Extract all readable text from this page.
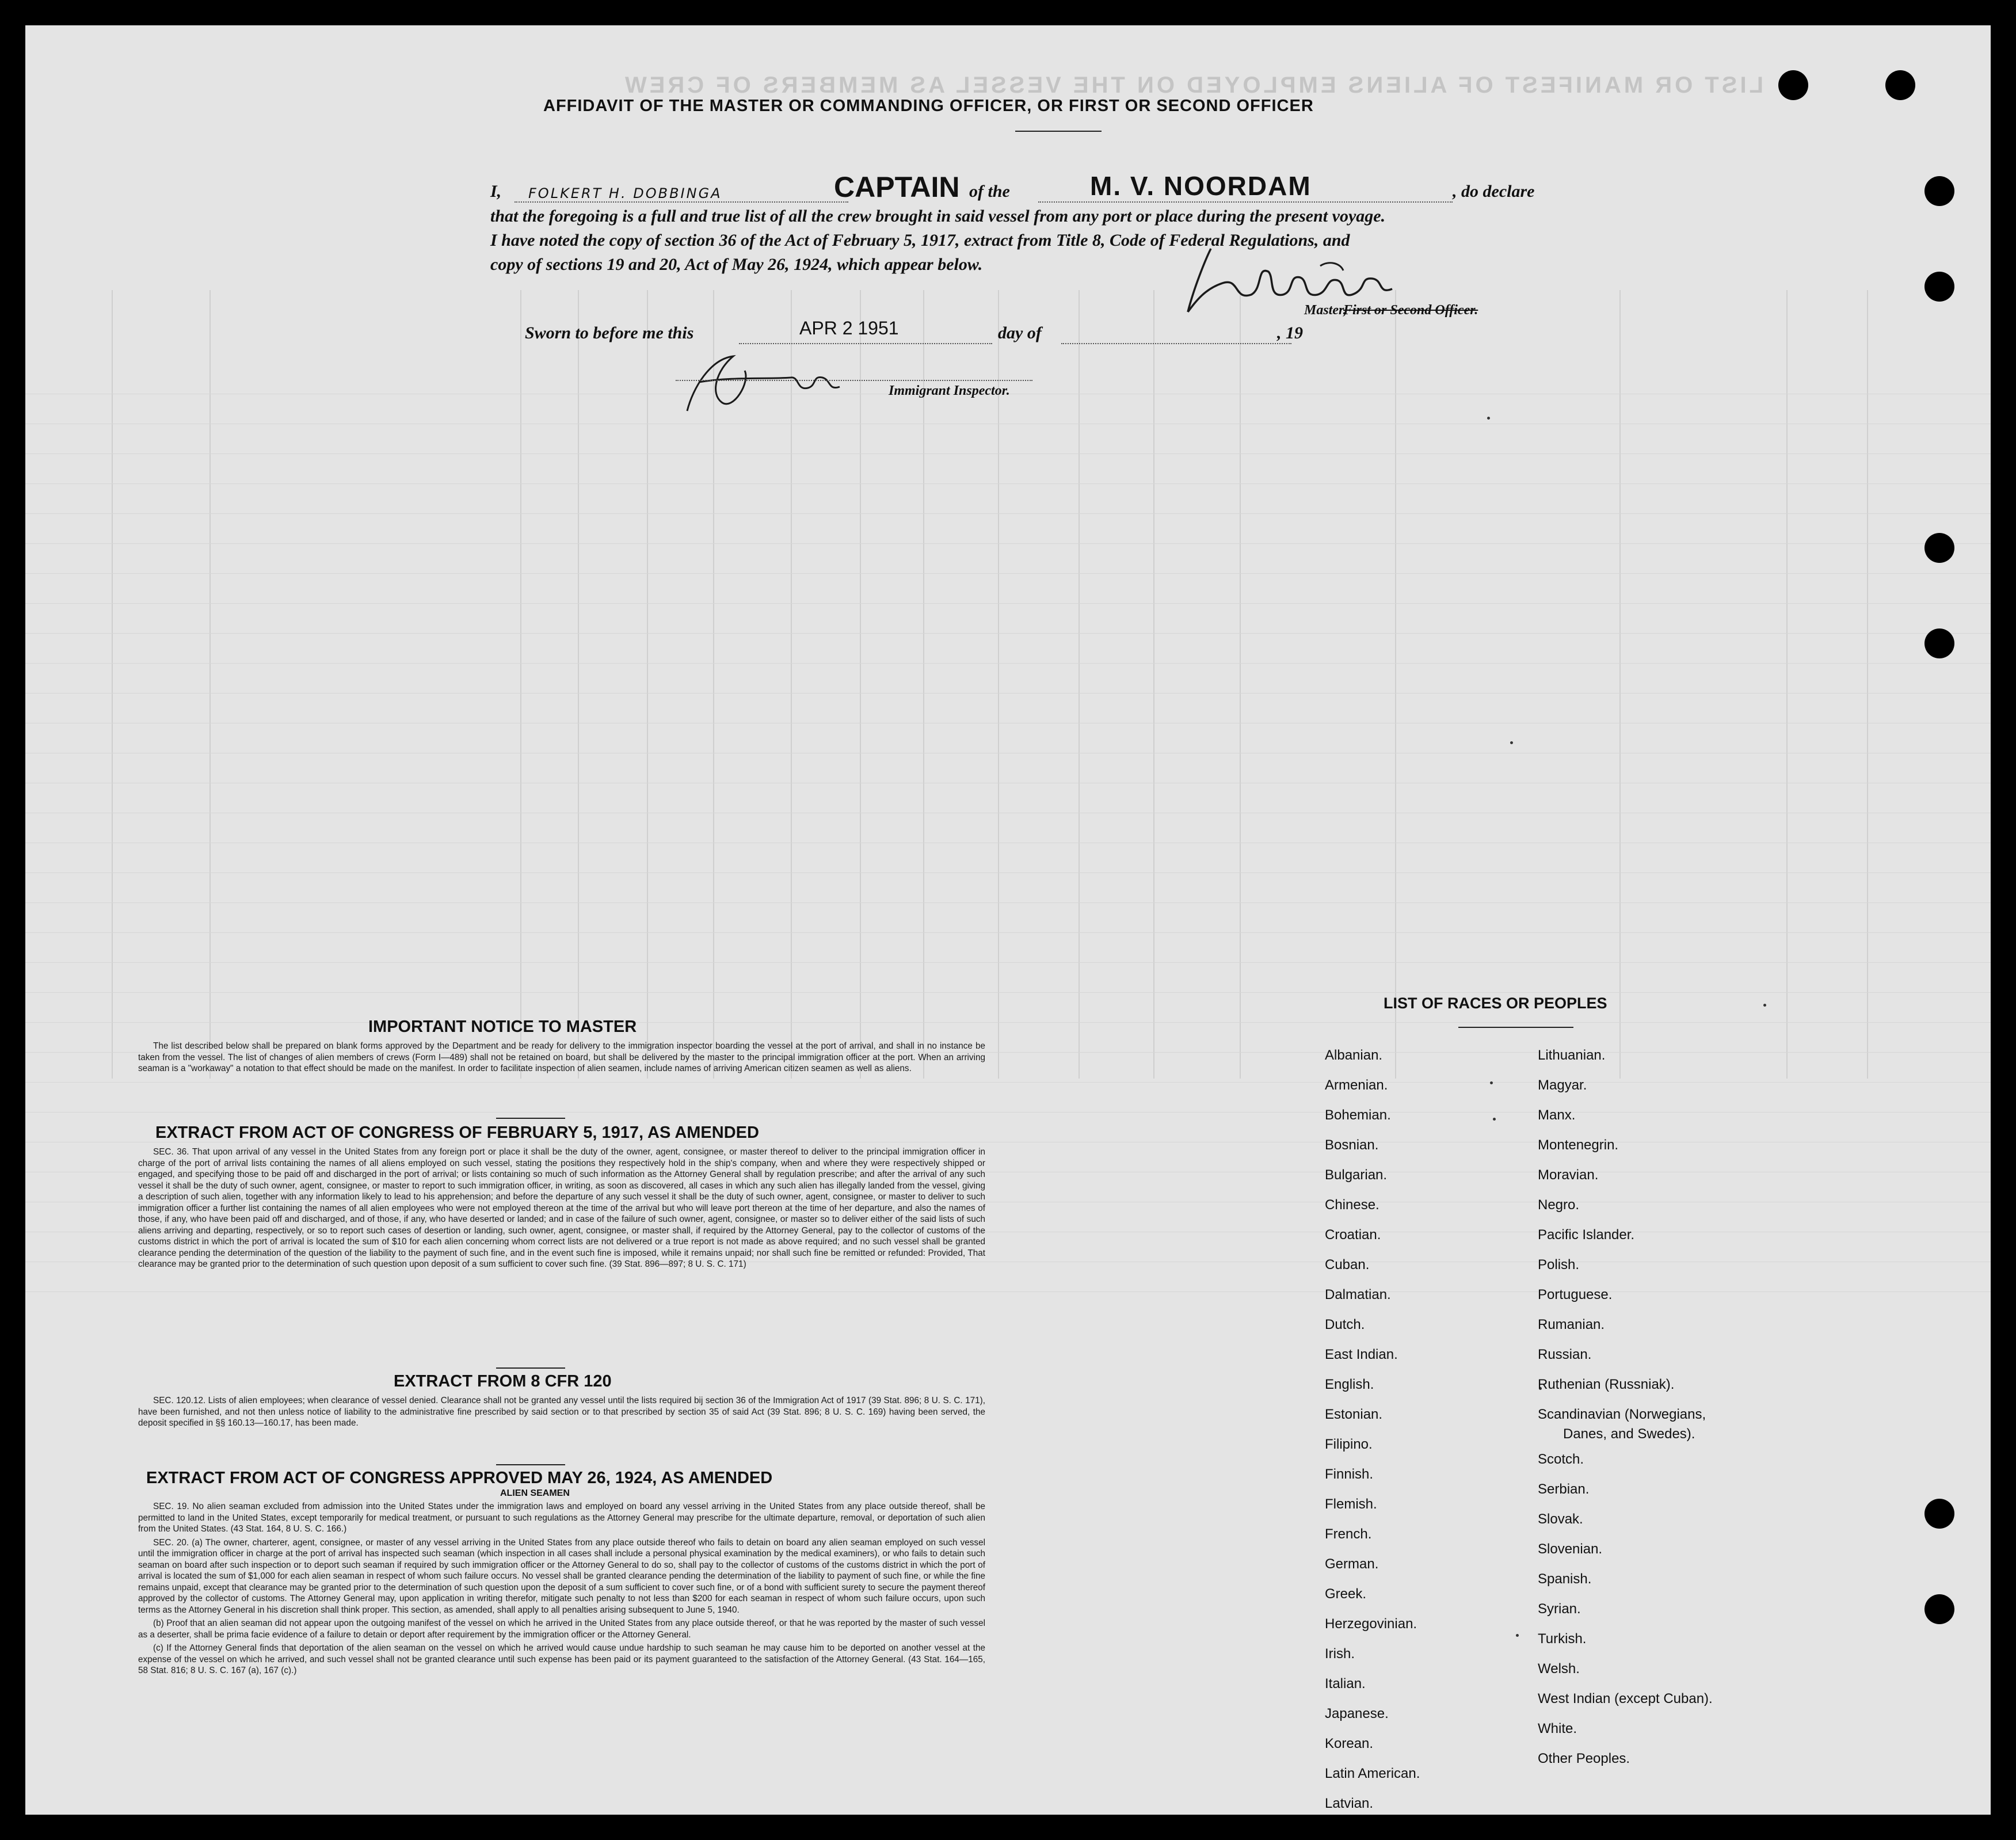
LIST OR MANIFEST OF ALIENS EMPLOYED ON THE VESSEL AS MEMBERS OF CREW
AFFIDAVIT OF THE MASTER OR COMMANDING OFFICER, OR FIRST OR SECOND OFFICER
I, FOLKERT H. DOBBINGA	CAPTAIN of the	M. V. NOORDAM	, do declare
that the foregoing is a full and true list of all the crew brought in said vessel from any port or place during the present voyage.
I have noted the copy of section 36 of the Act of February 5, 1917, extract from Title 8, Code of Federal Regulations, and
copy of sections 19 and 20, Act of May 26, 1924, which appear below.
Master,
First or Second Officer.
Sworn to before me this	APR 2 1951	day of	, 19
Immigrant Inspector.
IMPORTANT NOTICE TO MASTER

The list described below shall be prepared on blank forms approved by the Department and be ready for delivery to the immigration inspector boarding the vessel at the port of arrival, and shall in no instance be taken from the vessel. The list of changes of alien members of crews (Form I—489) shall not be retained on board, but shall be delivered by the master to the principal immigration officer at the port. When an arriving seaman is a "workaway" a notation to that effect should be made on the manifest. In order to facilitate inspection of alien seamen, include names of arriving American citizen seamen as well as aliens.

EXTRACT FROM ACT OF CONGRESS OF FEBRUARY 5, 1917, AS AMENDED

SEC. 36. That upon arrival of any vessel in the United States from any foreign port or place it shall be the duty of the owner, agent, consignee, or master thereof to deliver to the principal immigration officer in charge of the port of arrival lists containing the names of all aliens employed on such vessel, stating the positions they respectively hold in the ship's company, when and where they were respectively shipped or engaged, and specifying those to be paid off and discharged in the port of arrival; or lists containing so much of such information as the Attorney General shall by regulation prescribe; and after the arrival of any such vessel it shall be the duty of such owner, agent, consignee, or master to report to such immigration officer, in writing, as soon as discovered, all cases in which any such alien has illegally landed from the vessel, giving a description of such alien, together with any information likely to lead to his apprehension; and before the departure of any such vessel it shall be the duty of such owner, agent, consignee, or master to deliver to such immigration officer a further list containing the names of all alien employees who were not employed thereon at the time of the arrival but who will leave port thereon at the time of her departure, and also the names of those, if any, who have been paid off and discharged, and of those, if any, who have deserted or landed; and in case of the failure of such owner, agent, consignee, or master so to deliver either of the said lists of such aliens arriving and departing, respectively, or so to report such cases of desertion or landing, such owner, agent, consignee, or master shall, if required by the Attorney General, pay to the collector of customs of the customs district in which the port of arrival is located the sum of $10 for each alien concerning whom correct lists are not delivered or a true report is not made as above required; and no such vessel shall be granted clearance pending the determination of the question of the liability to the payment of such fine, and in the event such fine is imposed, while it remains unpaid; nor shall such fine be remitted or refunded: Provided, That clearance may be granted prior to the determination of such question upon deposit of a sum sufficient to cover such fine. (39 Stat. 896—897; 8 U. S. C. 171)

EXTRACT FROM 8 CFR 120

SEC. 120.12. Lists of alien employees; when clearance of vessel denied. Clearance shall not be granted any vessel until the lists required bij section 36 of the Immigration Act of 1917 (39 Stat. 896; 8 U. S. C. 171), have been furnished, and not then unless notice of liability to the administrative fine prescribed by said section or to that prescribed by section 35 of said Act (39 Stat. 896; 8 U. S. C. 169) having been served, the deposit specified in §§ 160.13—160.17, has been made.

EXTRACT FROM ACT OF CONGRESS APPROVED MAY 26, 1924, AS AMENDED
ALIEN SEAMEN

SEC. 19. No alien seaman excluded from admission into the United States under the immigration laws and employed on board any vessel arriving in the United States from any place outside thereof, shall be permitted to land in the United States, except temporarily for medical treatment, or pursuant to such regulations as the Attorney General may prescribe for the ultimate departure, removal, or deportation of such alien from the United States. (43 Stat. 164, 8 U. S. C. 166.)

SEC. 20. (a) The owner, charterer, agent, consignee, or master of any vessel arriving in the United States from any place outside thereof who fails to detain on board any alien seaman employed on such vessel until the immigration officer in charge at the port of arrival has inspected such seaman (which inspection in all cases shall include a personal physical examination by the medical examiners), or who fails to detain such seaman on board after such inspection or to deport such seaman if required by such immigration officer or the Attorney General to do so, shall pay to the collector of customs of the customs district in which the port of arrival is located the sum of $1,000 for each alien seaman in respect of whom such failure occurs. No vessel shall be granted clearance pending the determination of the liability to payment of such fine, or while the fine remains unpaid, except that clearance may be granted prior to the determination of such question upon the deposit of a sum sufficient to cover such fine, or of a bond with sufficient surety to secure the payment thereof approved by the collector of customs. The Attorney General may, upon application in writing therefor, mitigate such penalty to not less than $200 for each seaman in respect of whom such failure occurs, upon such terms as the Attorney General in his discretion shall think proper. This section, as amended, shall apply to all penalties arising subsequent to June 5, 1940.

(b) Proof that an alien seaman did not appear upon the outgoing manifest of the vessel on which he arrived in the United States from any place outside thereof, or that he was reported by the master of such vessel as a deserter, shall be prima facie evidence of a failure to detain or deport after requirement by the immigration officer or the Attorney General.

(c) If the Attorney General finds that deportation of the alien seaman on the vessel on which he arrived would cause undue hardship to such seaman he may cause him to be deported on another vessel at the expense of the vessel on which he arrived, and such vessel shall not be granted clearance until such expense has been paid or its payment guaranteed to the satisfaction of the Attorney General. (43 Stat. 164—165, 58 Stat. 816; 8 U. S. C. 167 (a), 167 (c).)

LIST OF RACES OR PEOPLES
Albanian.
Armenian.
Bohemian.
Bosnian.
Bulgarian.
Chinese.
Croatian.
Cuban.
Dalmatian.
Dutch.
East Indian.
English.
Estonian.
Filipino.
Finnish.
Flemish.
French.
German.
Greek.
Herzegovinian.
Irish.
Italian.
Japanese.
Korean.
Latin American.
Latvian.
Lithuanian.
Magyar.
Manx.
Montenegrin.
Moravian.
Negro.
Pacific Islander.
Polish.
Portuguese.
Rumanian.
Russian.
Ruthenian (Russniak).
Scandinavian (Norwegians,
Danes, and Swedes).
Scotch.
Serbian.
Slovak.
Slovenian.
Spanish.
Syrian.
Turkish.
Welsh.
West Indian (except Cuban).
White.
Other Peoples.
